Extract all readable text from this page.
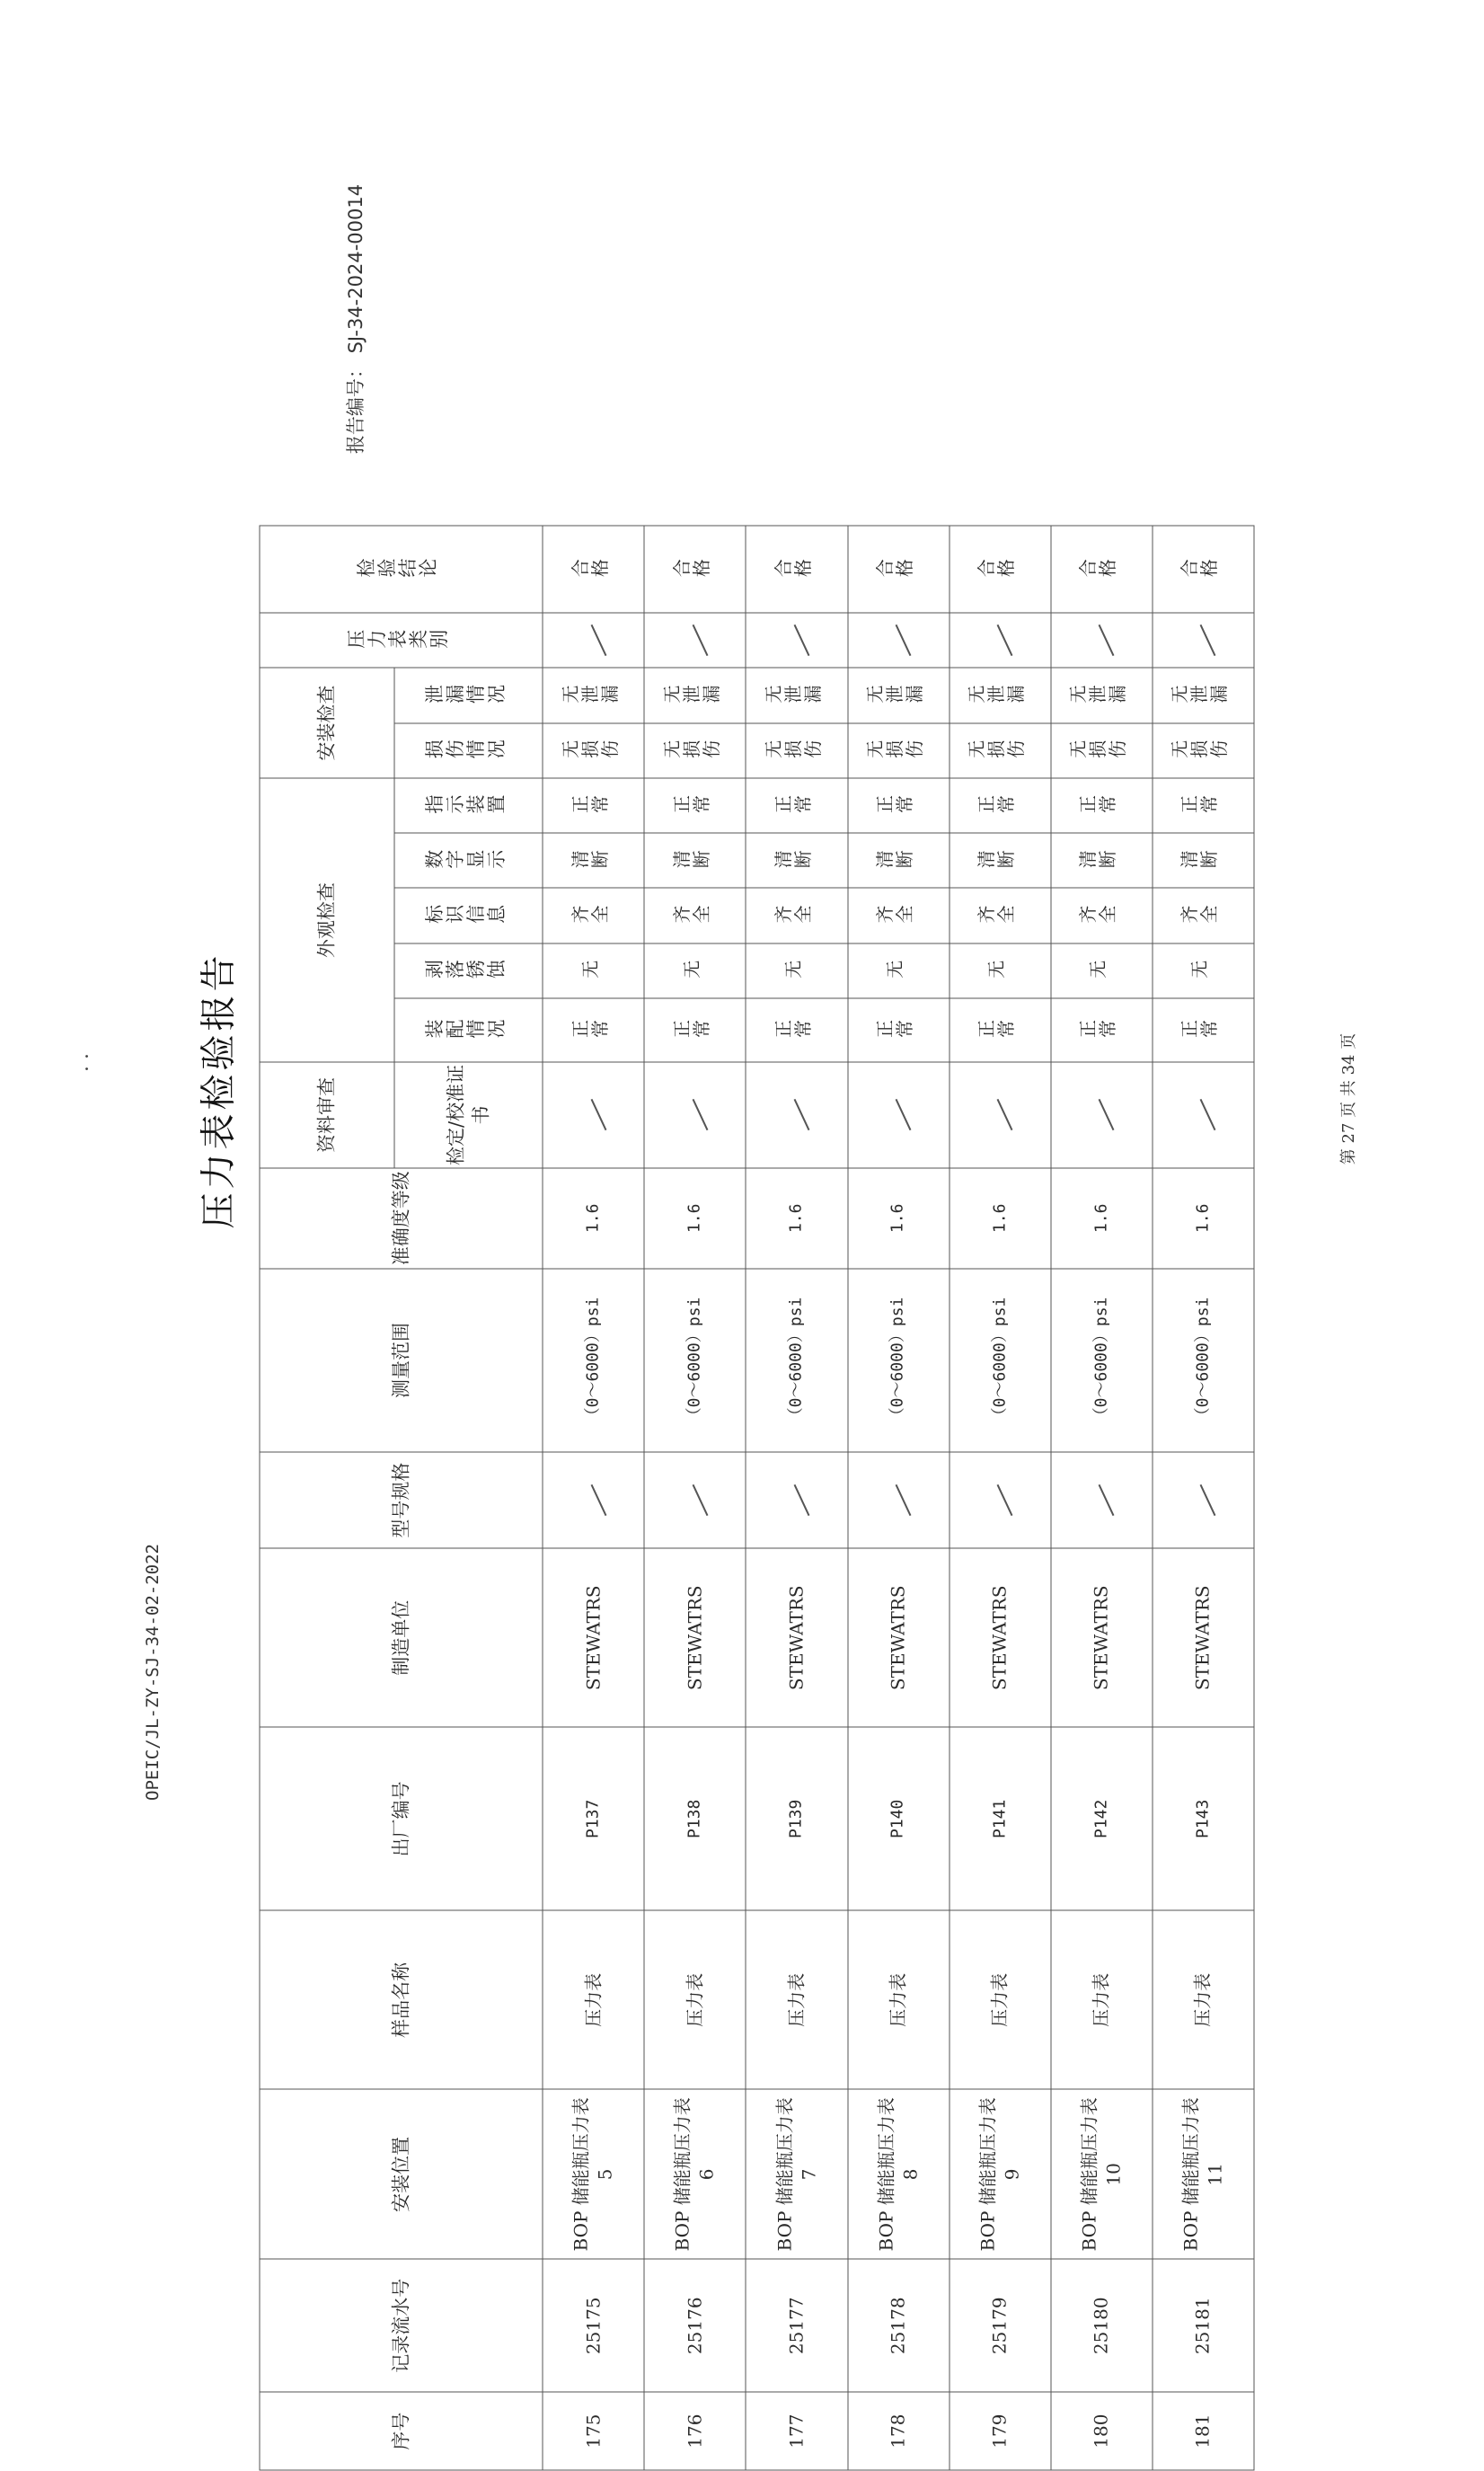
压力表检验报告
· ·
OPEIC/JL-ZY-SJ-34-02-2022
报告编号： SJ-34-2024-00014
第 27 页 共 34 页
序号	记录流水号	安装位置	样品名称	出厂编号	制造单位	型号规格	测量范围	准确度等级	资料审查	外观检查					安装检查		压力表类别	检验结论
									检定/校准证书	装配情况	剥落锈蚀	标识信息	数字显示	指示装置	损伤情况	泄漏情况		
175	25175	BOP 储能瓶压力表 5	压力表	P137	STEWATRS		（0～6000）psi	1.6		正常	无	齐全	清断	正常	无损伤	无泄漏		合格
176	25176	BOP 储能瓶压力表 6	压力表	P138	STEWATRS		（0～6000）psi	1.6		正常	无	齐全	清断	正常	无损伤	无泄漏		合格
177	25177	BOP 储能瓶压力表 7	压力表	P139	STEWATRS		（0～6000）psi	1.6		正常	无	齐全	清断	正常	无损伤	无泄漏		合格
178	25178	BOP 储能瓶压力表 8	压力表	P140	STEWATRS		（0～6000）psi	1.6		正常	无	齐全	清断	正常	无损伤	无泄漏		合格
179	25179	BOP 储能瓶压力表 9	压力表	P141	STEWATRS		（0～6000）psi	1.6		正常	无	齐全	清断	正常	无损伤	无泄漏		合格
180	25180	BOP 储能瓶压力表 10	压力表	P142	STEWATRS		（0～6000）psi	1.6		正常	无	齐全	清断	正常	无损伤	无泄漏		合格
181	25181	BOP 储能瓶压力表 11	压力表	P143	STEWATRS		（0～6000）psi	1.6		正常	无	齐全	清断	正常	无损伤	无泄漏		合格
